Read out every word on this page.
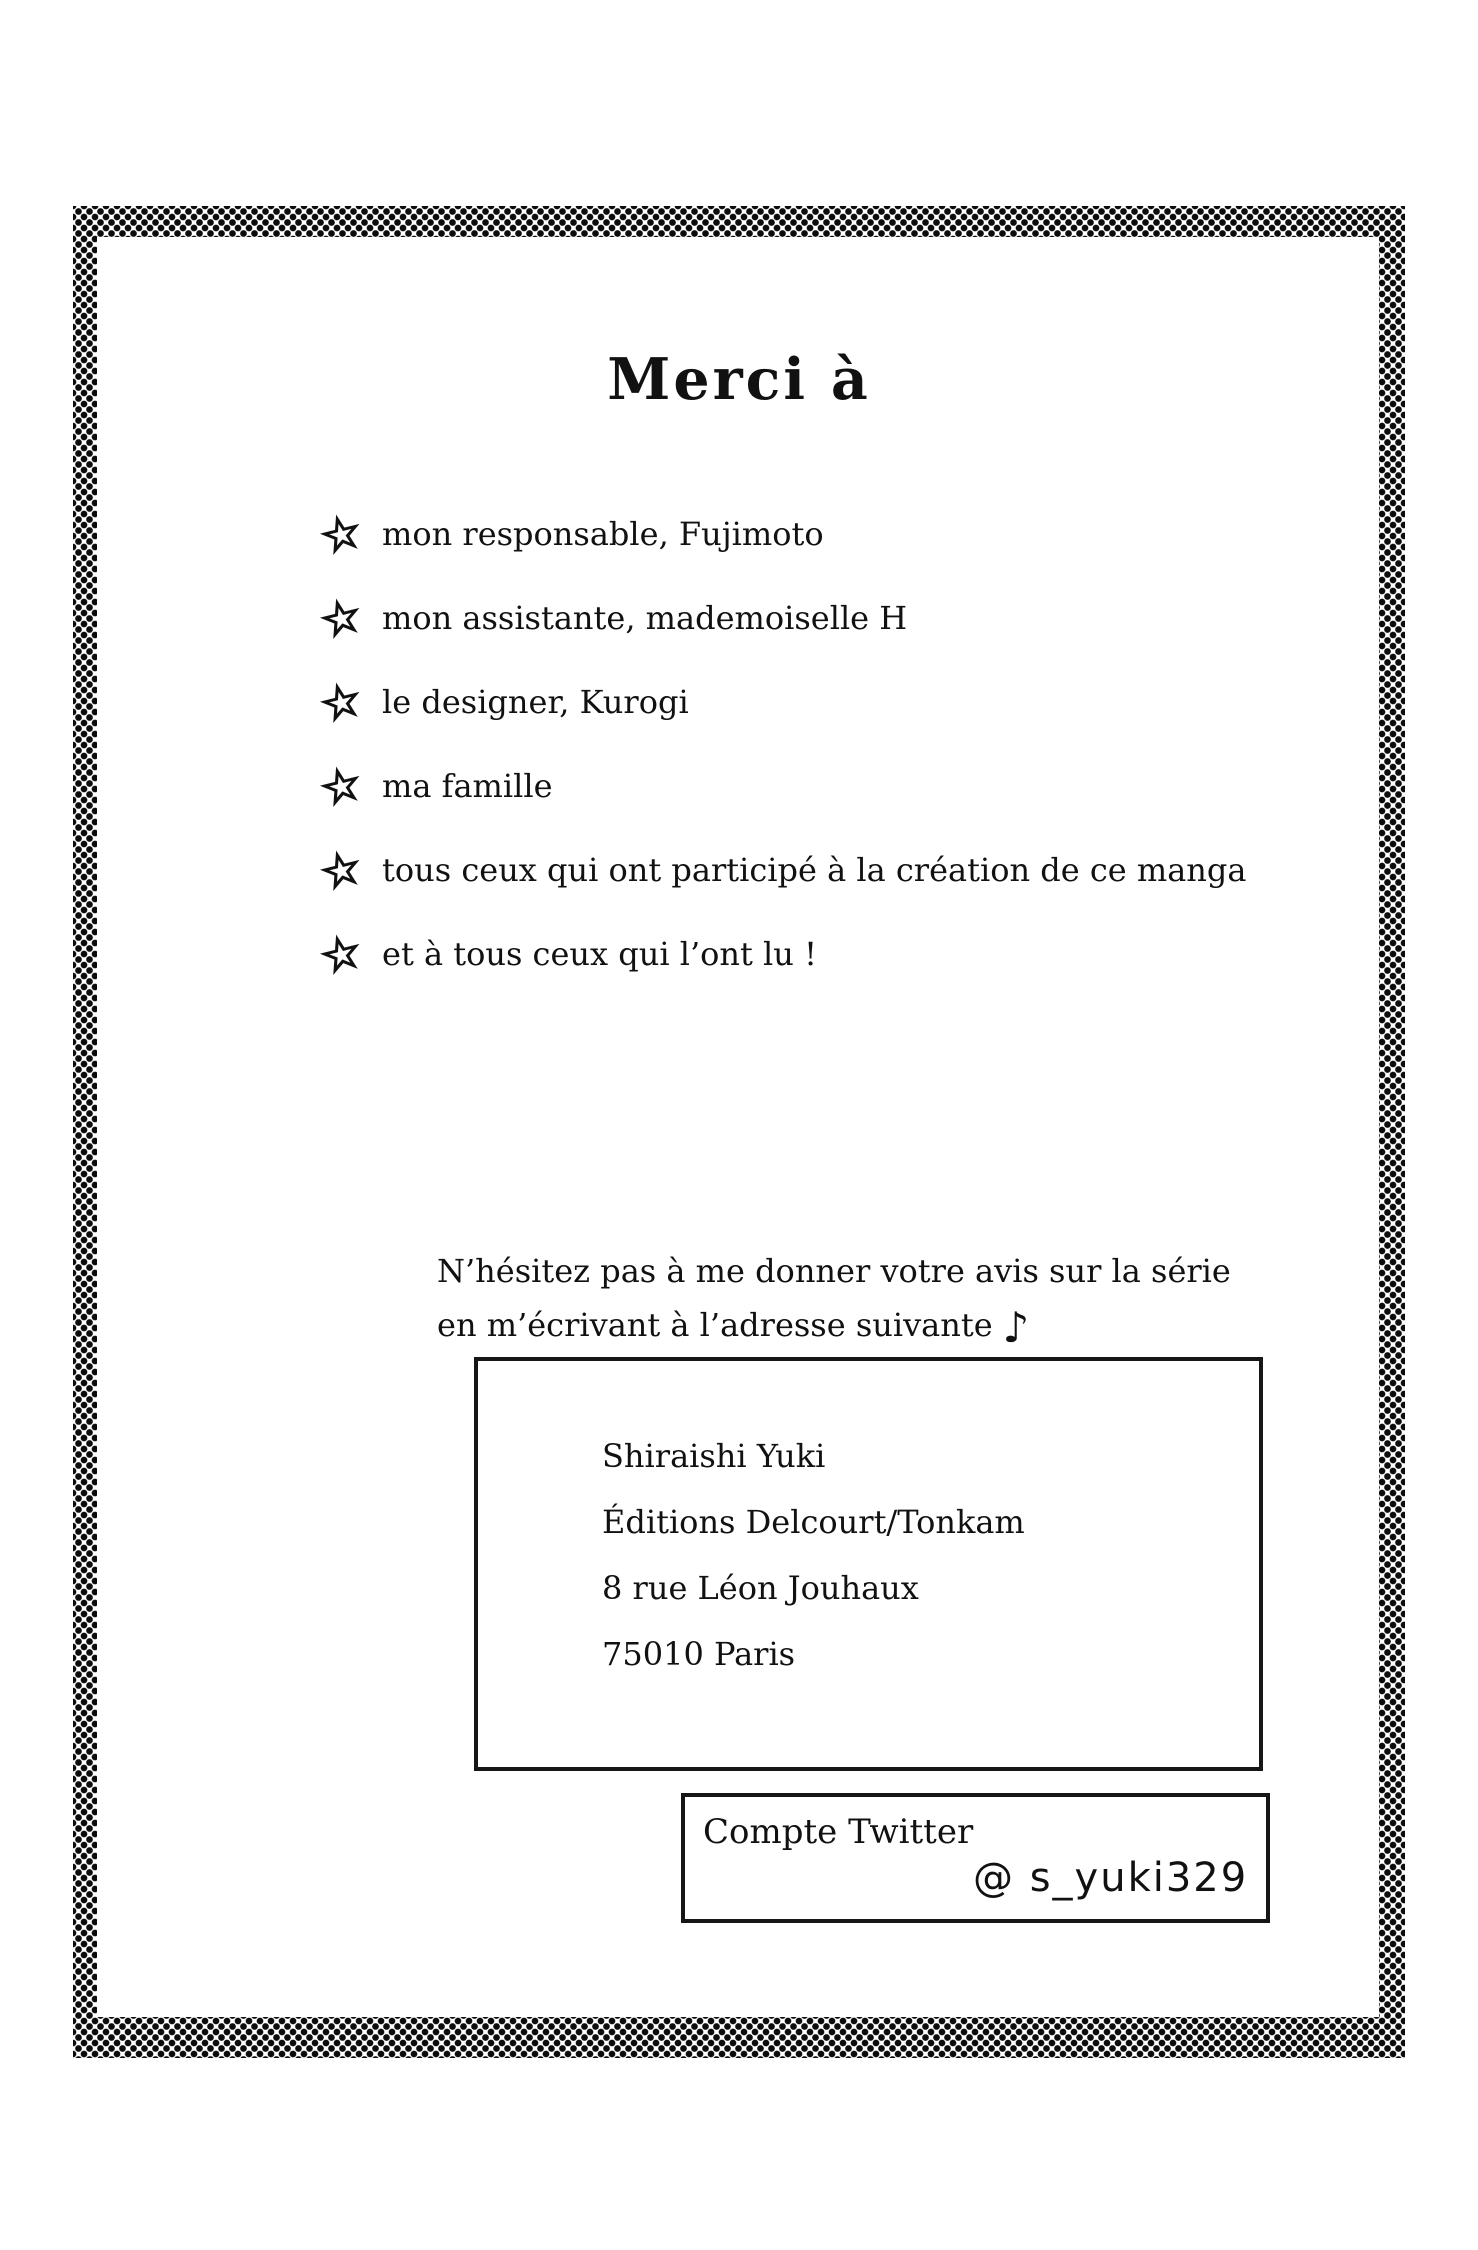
Merci à
☆ mon responsable, Fujimoto
☆ mon assistante, mademoiselle H
☆ le designer, Kurogi
☆ ma famille
☆ tous ceux qui ont participé à la création de ce manga
☆ et à tous ceux qui l’ont lu !
N’hésitez pas à me donner votre avis sur la série
en m’écrivant à l’adresse suivante ♪
Shiraishi Yuki
Éditions Delcourt/Tonkam
8 rue Léon Jouhaux
75010 Paris
Compte Twitter
@ s_yuki329
